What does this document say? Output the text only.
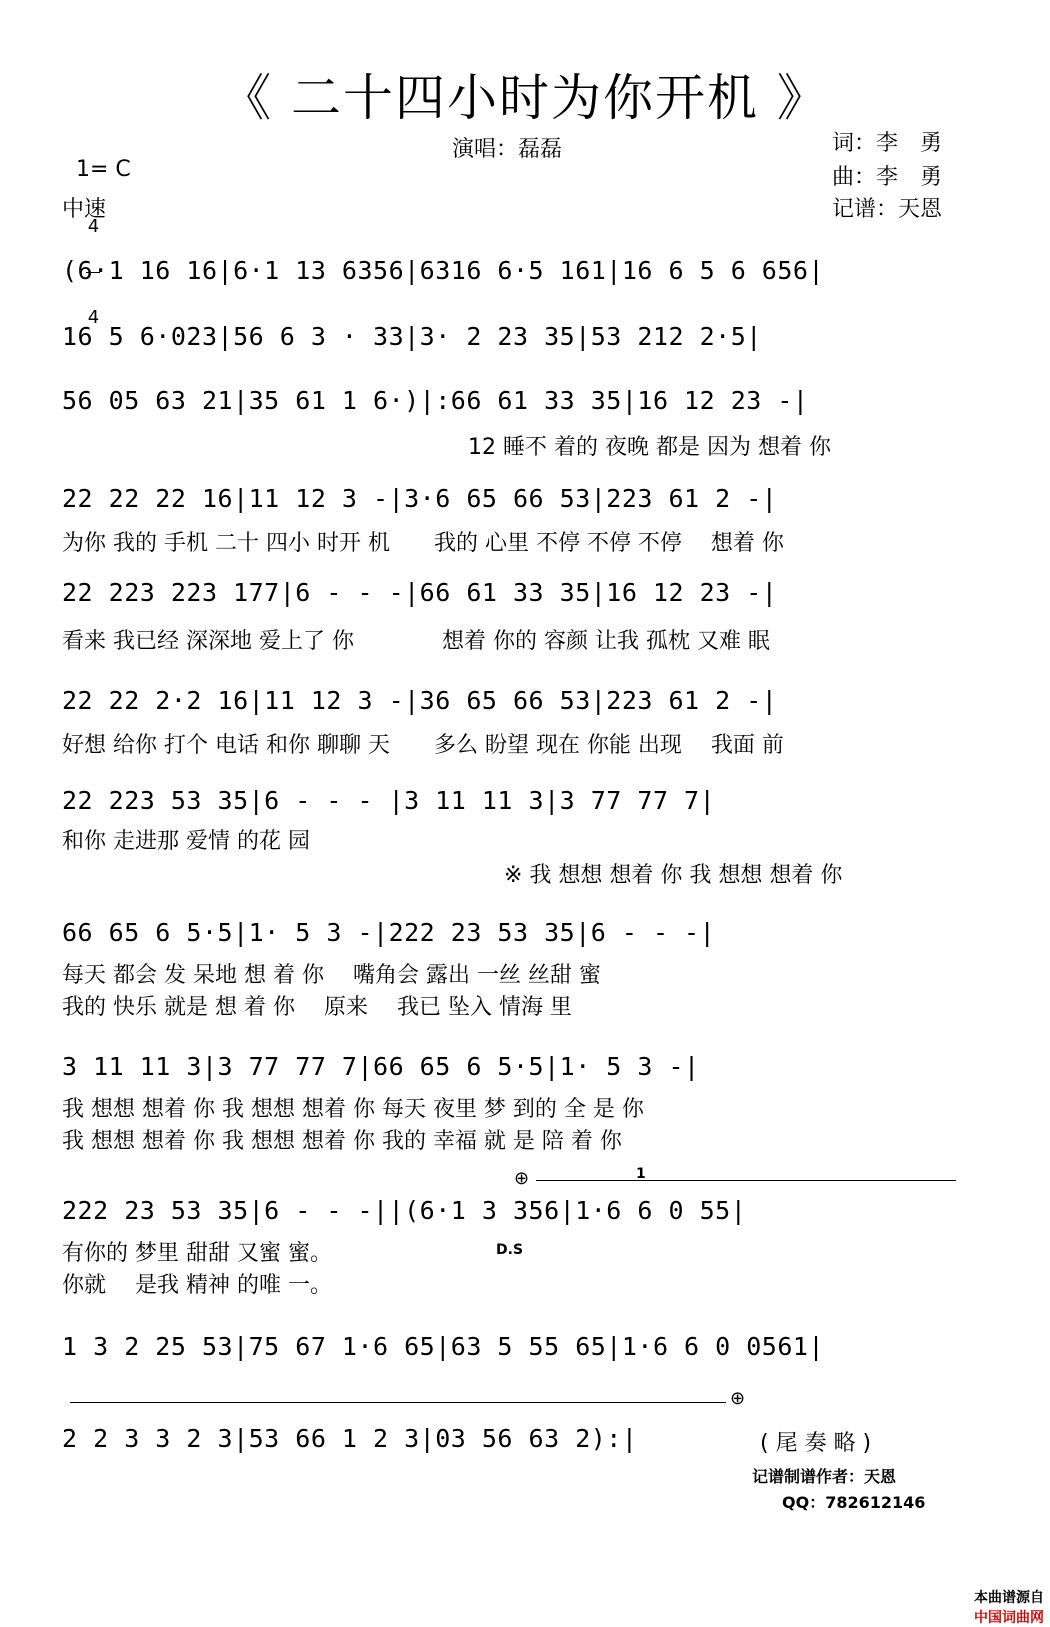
《 二十四小时为你开机 》

1= C

$\frac{4}{4}$

中速
演唱：磊磊	词：李　勇
曲：李　勇
记谱：天恩
(6·1 16 16|6·1 13 6356|6316 6·5 161|16 6 5 6 656|
16 5 6·023|56 6 3 · 33|3· 2 23 35|53 212 2·5|
56 05 63 21|35 61 1 6·)|:66 61 33 35|16 12 23 -|
12 睡不 着的 夜晚 都是 因为 想着 你
22 22 22 16|11 12 3 -|3·6 65 66 53|223 61 2 -|
为你 我的 手机 二十 四小 时开 机　　我的 心里 不停 不停 不停　 想着 你
22 223 223 177|6 - - -|66 61 33 35|16 12 23 -|
看来 我已经 深深地 爱上了 你　　　　想着 你的 容颜 让我 孤枕 又难 眠
22 22 2·2 16|11 12 3 -|36 65 66 53|223 61 2 -|
好想 给你 打个 电话 和你 聊聊 天　　多么 盼望 现在 你能 出现　 我面 前
22 223 53 35|6 - - - |3 11 11 3|3 77 77 7|
和你 走进那 爱情 的花 园
※ 我 想想 想着 你 我 想想 想着 你
66 65 6 5·5|1· 5 3 -|222 23 53 35|6 - - -|
每天 都会 发 呆地 想 着 你　 嘴角会 露出 一丝 丝甜 蜜
我的 快乐 就是 想 着 你　 原来　 我已 坠入 情海 里
3 11 11 3|3 77 77 7|66 65 6 5·5|1· 5 3 -|
我 想想 想着 你 我 想想 想着 你 每天 夜里 梦 到的 全 是 你
我 想想 想着 你 我 想想 想着 你 我的 幸福 就 是 陪 着 你
⊕	1
222 23 53 35|6 - - -||(6·1 3 356|1·6 6 0 55|
有你的 梦里 甜甜 又蜜 蜜。
你就　 是我 精神 的唯 一。
D.S
1 3 2 25 53|75 67 1·6 65|63 5 55 65|1·6 6 0 0561|
⊕
2 2 3 3 2 3|53 66 1 2 3|03 56 63 2):|	( 尾 奏 略 )
记谱制谱作者：天恩
QQ：782612146

本曲谱源自
中国词曲网
